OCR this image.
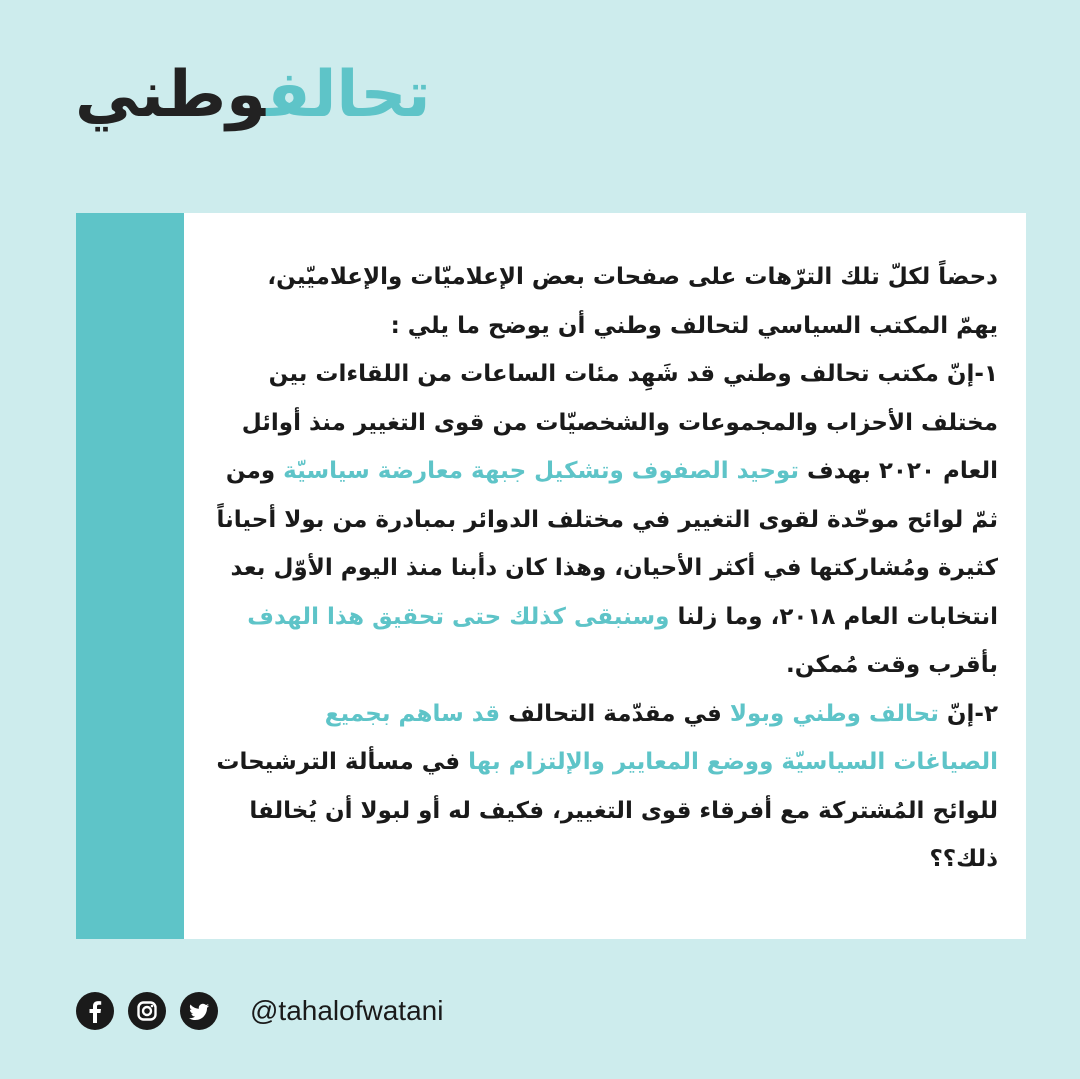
تحالفوطني
دحضاً لكلّ تلك الترّهات على صفحات بعض الإعلاميّات والإعلاميّين،
يهمّ المكتب السياسي لتحالف وطني أن يوضح ما يلي :
١-إنّ مكتب تحالف وطني قد شَهِد مئات الساعات من اللقاءات بين مختلف الأحزاب والمجموعات والشخصيّات من قوى التغيير منذ أوائل العام ٢٠٢٠ بهدف توحيد الصفوف وتشكيل جبهة معارضة سياسيّة ومن ثمّ لوائح موحّدة لقوى التغيير في مختلف الدوائر بمبادرة من بولا أحياناً كثيرة ومُشاركتها في أكثر الأحيان، وهذا كان دأبنا منذ اليوم الأوّل بعد انتخابات العام ٢٠١٨، وما زلنا وسنبقى كذلك حتى تحقيق هذا الهدف بأقرب وقت مُمكن.
٢-إنّ تحالف وطني وبولا في مقدّمة التحالف قد ساهم بجميع الصياغات السياسيّة ووضع المعايير والإلتزام بها في مسألة الترشيحات للوائح المُشتركة مع أفرقاء قوى التغيير، فكيف له أو لبولا أن يُخالفا ذلك؟؟
@tahalofwatani
